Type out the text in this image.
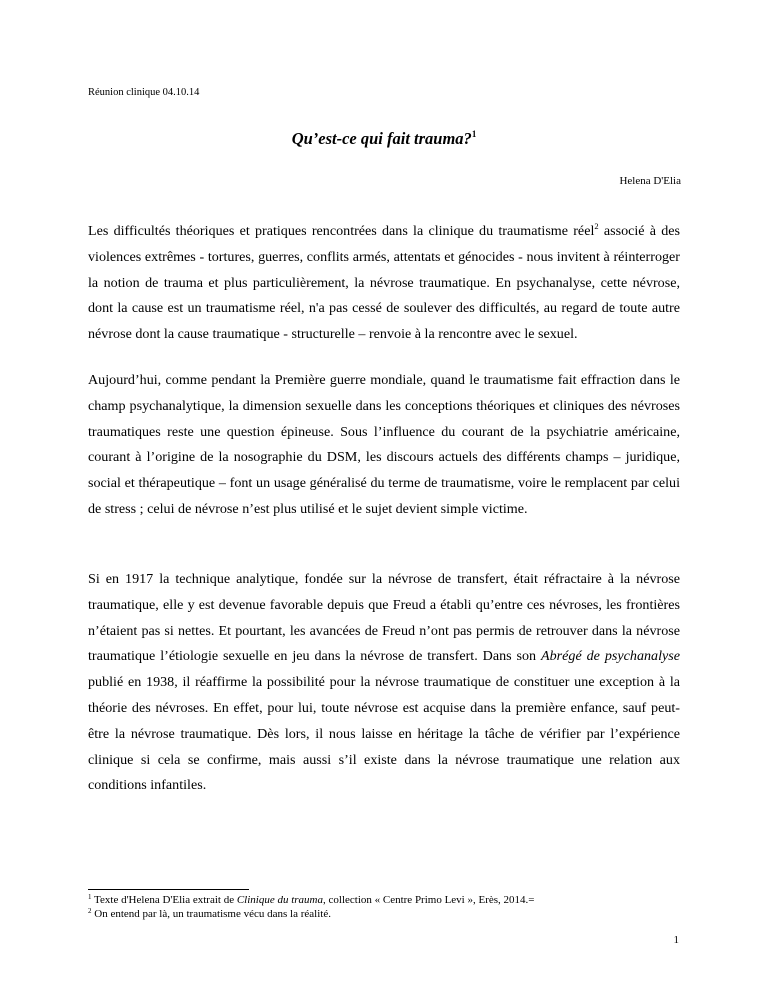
Réunion clinique 04.10.14
Qu’est-ce qui fait trauma?$^1$
Helena D'Elia
Les difficultés théoriques et pratiques rencontrées dans la clinique du traumatisme réel$^2$ associé à des violences extrêmes - tortures, guerres, conflits armés, attentats et génocides - nous invitent à réinterroger la notion de trauma et plus particulièrement, la névrose traumatique. En psychanalyse, cette névrose, dont la cause est un traumatisme réel, n'a pas cessé de soulever des difficultés, au regard de toute autre névrose dont la cause traumatique - structurelle – renvoie à la rencontre avec le sexuel.
Aujourd’hui, comme pendant la Première guerre mondiale, quand le traumatisme fait effraction dans le champ psychanalytique, la dimension sexuelle dans les conceptions théoriques et cliniques des névroses traumatiques reste une question épineuse. Sous l’influence du courant de la psychiatrie américaine, courant à l’origine de la nosographie du DSM, les discours actuels des différents champs – juridique, social et thérapeutique – font un usage généralisé du terme de traumatisme, voire le remplacent par celui de stress ; celui de névrose n’est plus utilisé et le sujet devient simple victime.
Si en 1917 la technique analytique, fondée sur la névrose de transfert, était réfractaire à la névrose traumatique, elle y est devenue favorable depuis que Freud a établi qu’entre ces névroses, les frontières n’étaient pas si nettes. Et pourtant, les avancées de Freud n’ont pas permis de retrouver dans la névrose traumatique l’étiologie sexuelle en jeu dans la névrose de transfert. Dans son Abrégé de psychanalyse publié en 1938, il réaffirme la possibilité pour la névrose traumatique de constituer une exception à la théorie des névroses. En effet, pour lui, toute névrose est acquise dans la première enfance, sauf peut-être la névrose traumatique. Dès lors, il nous laisse en héritage la tâche de vérifier par l’expérience clinique si cela se confirme, mais aussi s’il existe dans la névrose traumatique une relation aux conditions infantiles.
$^1$ Texte d'Helena D'Elia extrait de Clinique du trauma, collection « Centre Primo Levi », Erès, 2014.=
$^2$ On entend par là, un traumatisme vécu dans la réalité.
1
